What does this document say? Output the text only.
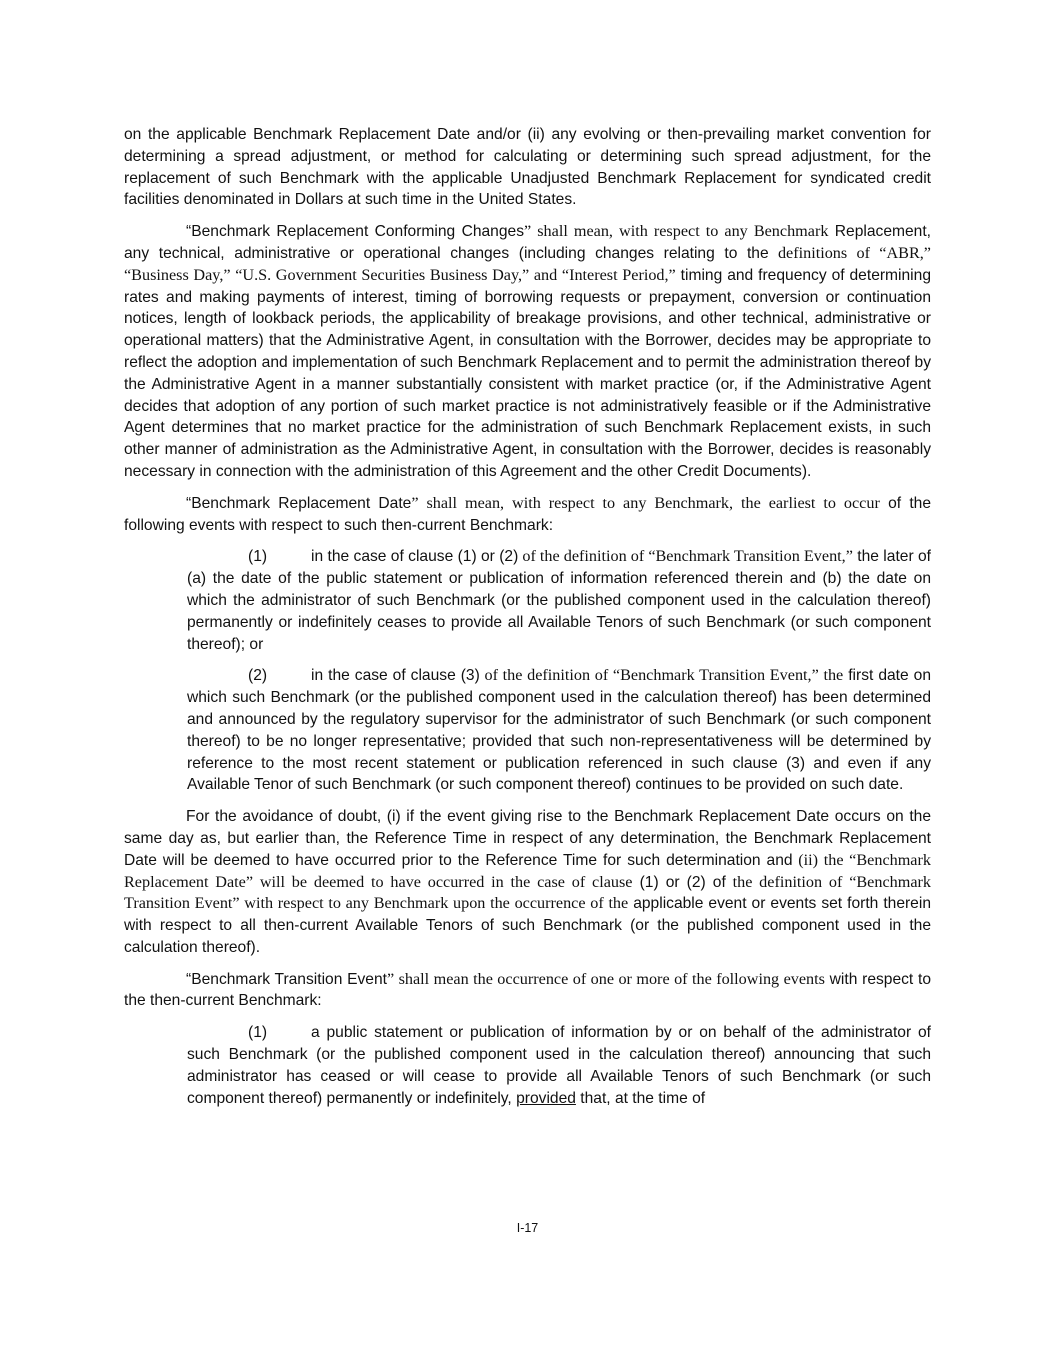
on the applicable Benchmark Replacement Date and/or (ii) any evolving or then-prevailing market convention for determining a spread adjustment, or method for calculating or determining such spread adjustment, for the replacement of such Benchmark with the applicable Unadjusted Benchmark Replacement for syndicated credit facilities denominated in Dollars at such time in the United States.

“Benchmark Replacement Conforming Changes” shall mean, with respect to any Benchmark Replacement, any technical, administrative or operational changes (including changes relating to the definitions of “ABR,” “Business Day,” “U.S. Government Securities Business Day,” and “Interest Period,” timing and frequency of determining rates and making payments of interest, timing of borrowing requests or prepayment, conversion or continuation notices, length of lookback periods, the applicability of breakage provisions, and other technical, administrative or operational matters) that the Administrative Agent, in consultation with the Borrower, decides may be appropriate to reflect the adoption and implementation of such Benchmark Replacement and to permit the administration thereof by the Administrative Agent in a manner substantially consistent with market practice (or, if the Administrative Agent decides that adoption of any portion of such market practice is not administratively feasible or if the Administrative Agent determines that no market practice for the administration of such Benchmark Replacement exists, in such other manner of administration as the Administrative Agent, in consultation with the Borrower, decides is reasonably necessary in connection with the administration of this Agreement and the other Credit Documents).

“Benchmark Replacement Date” shall mean, with respect to any Benchmark, the earliest to occur of the following events with respect to such then-current Benchmark:

(1)	in the case of clause (1) or (2) of the definition of “Benchmark Transition Event,” the later of (a) the date of the public statement or publication of information referenced therein and (b) the date on which the administrator of such Benchmark (or the published component used in the calculation thereof) permanently or indefinitely ceases to provide all Available Tenors of such Benchmark (or such component thereof); or

(2)	in the case of clause (3) of the definition of “Benchmark Transition Event,” the first date on which such Benchmark (or the published component used in the calculation thereof) has been determined and announced by the regulatory supervisor for the administrator of such Benchmark (or such component thereof) to be no longer representative; provided that such non-representativeness will be determined by reference to the most recent statement or publication referenced in such clause (3) and even if any Available Tenor of such Benchmark (or such component thereof) continues to be provided on such date.

For the avoidance of doubt, (i) if the event giving rise to the Benchmark Replacement Date occurs on the same day as, but earlier than, the Reference Time in respect of any determination, the Benchmark Replacement Date will be deemed to have occurred prior to the Reference Time for such determination and (ii) the “Benchmark Replacement Date” will be deemed to have occurred in the case of clause (1) or (2) of the definition of “Benchmark Transition Event” with respect to any Benchmark upon the occurrence of the applicable event or events set forth therein with respect to all then-current Available Tenors of such Benchmark (or the published component used in the calculation thereof).

“Benchmark Transition Event” shall mean the occurrence of one or more of the following events with respect to the then-current Benchmark:

(1)	a public statement or publication of information by or on behalf of the administrator of such Benchmark (or the published component used in the calculation thereof) announcing that such administrator has ceased or will cease to provide all Available Tenors of such Benchmark (or such component thereof) permanently or indefinitely, provided that, at the time of

I-17
